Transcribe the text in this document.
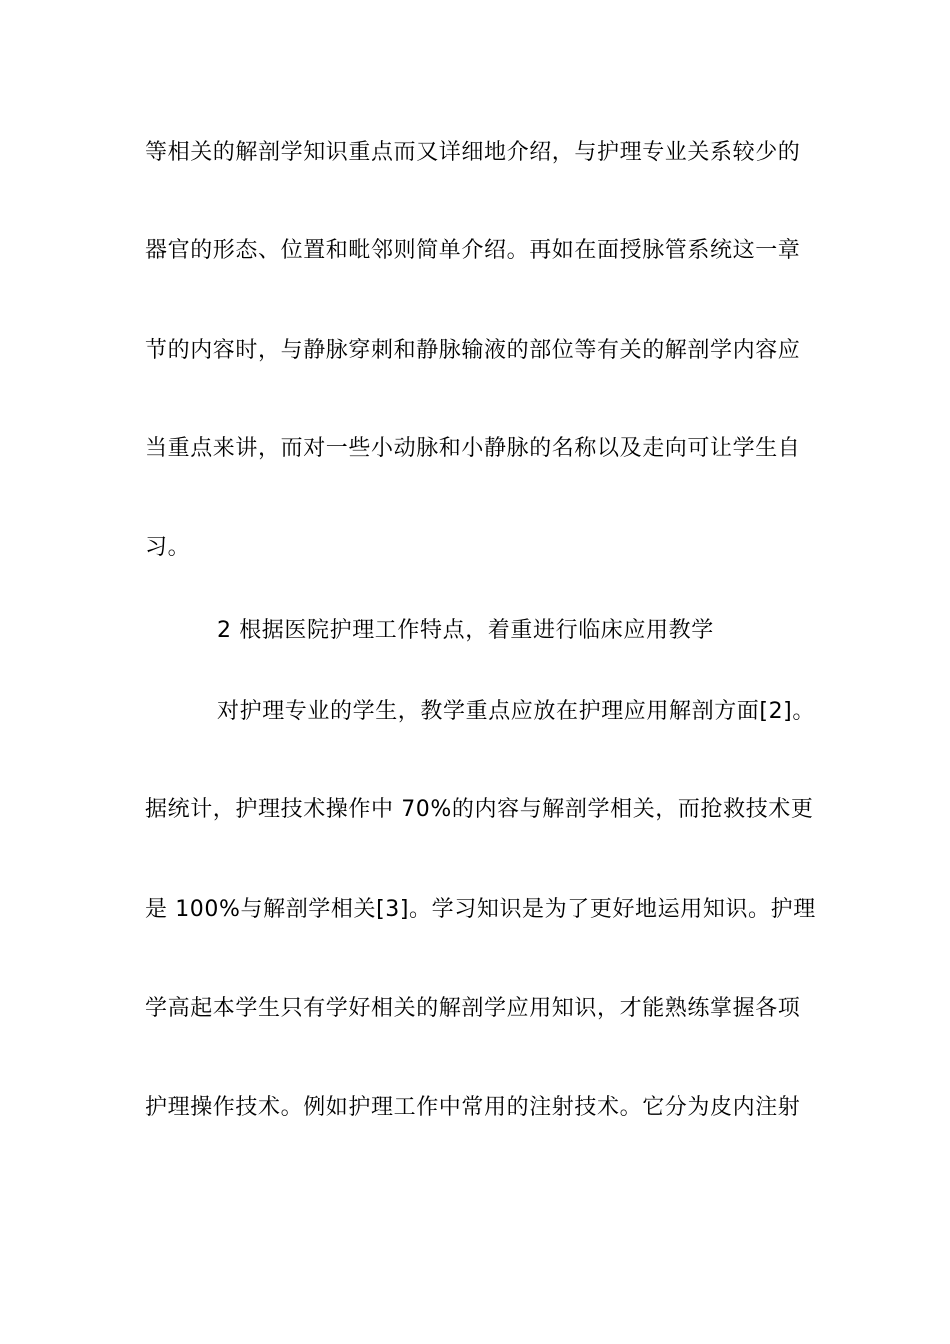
等相关的解剖学知识重点而又详细地介绍，与护理专业关系较少的
器官的形态、位置和毗邻则简单介绍。再如在面授脉管系统这一章
节的内容时，与静脉穿刺和静脉输液的部位等有关的解剖学内容应
当重点来讲，而对一些小动脉和小静脉的名称以及走向可让学生自
习。
2 根据医院护理工作特点，着重进行临床应用教学
对护理专业的学生，教学重点应放在护理应用解剖方面[2]。
据统计，护理技术操作中 70%的内容与解剖学相关，而抢救技术更
是 100%与解剖学相关[3]。学习知识是为了更好地运用知识。护理
学高起本学生只有学好相关的解剖学应用知识，才能熟练掌握各项
护理操作技术。例如护理工作中常用的注射技术。它分为皮内注射
